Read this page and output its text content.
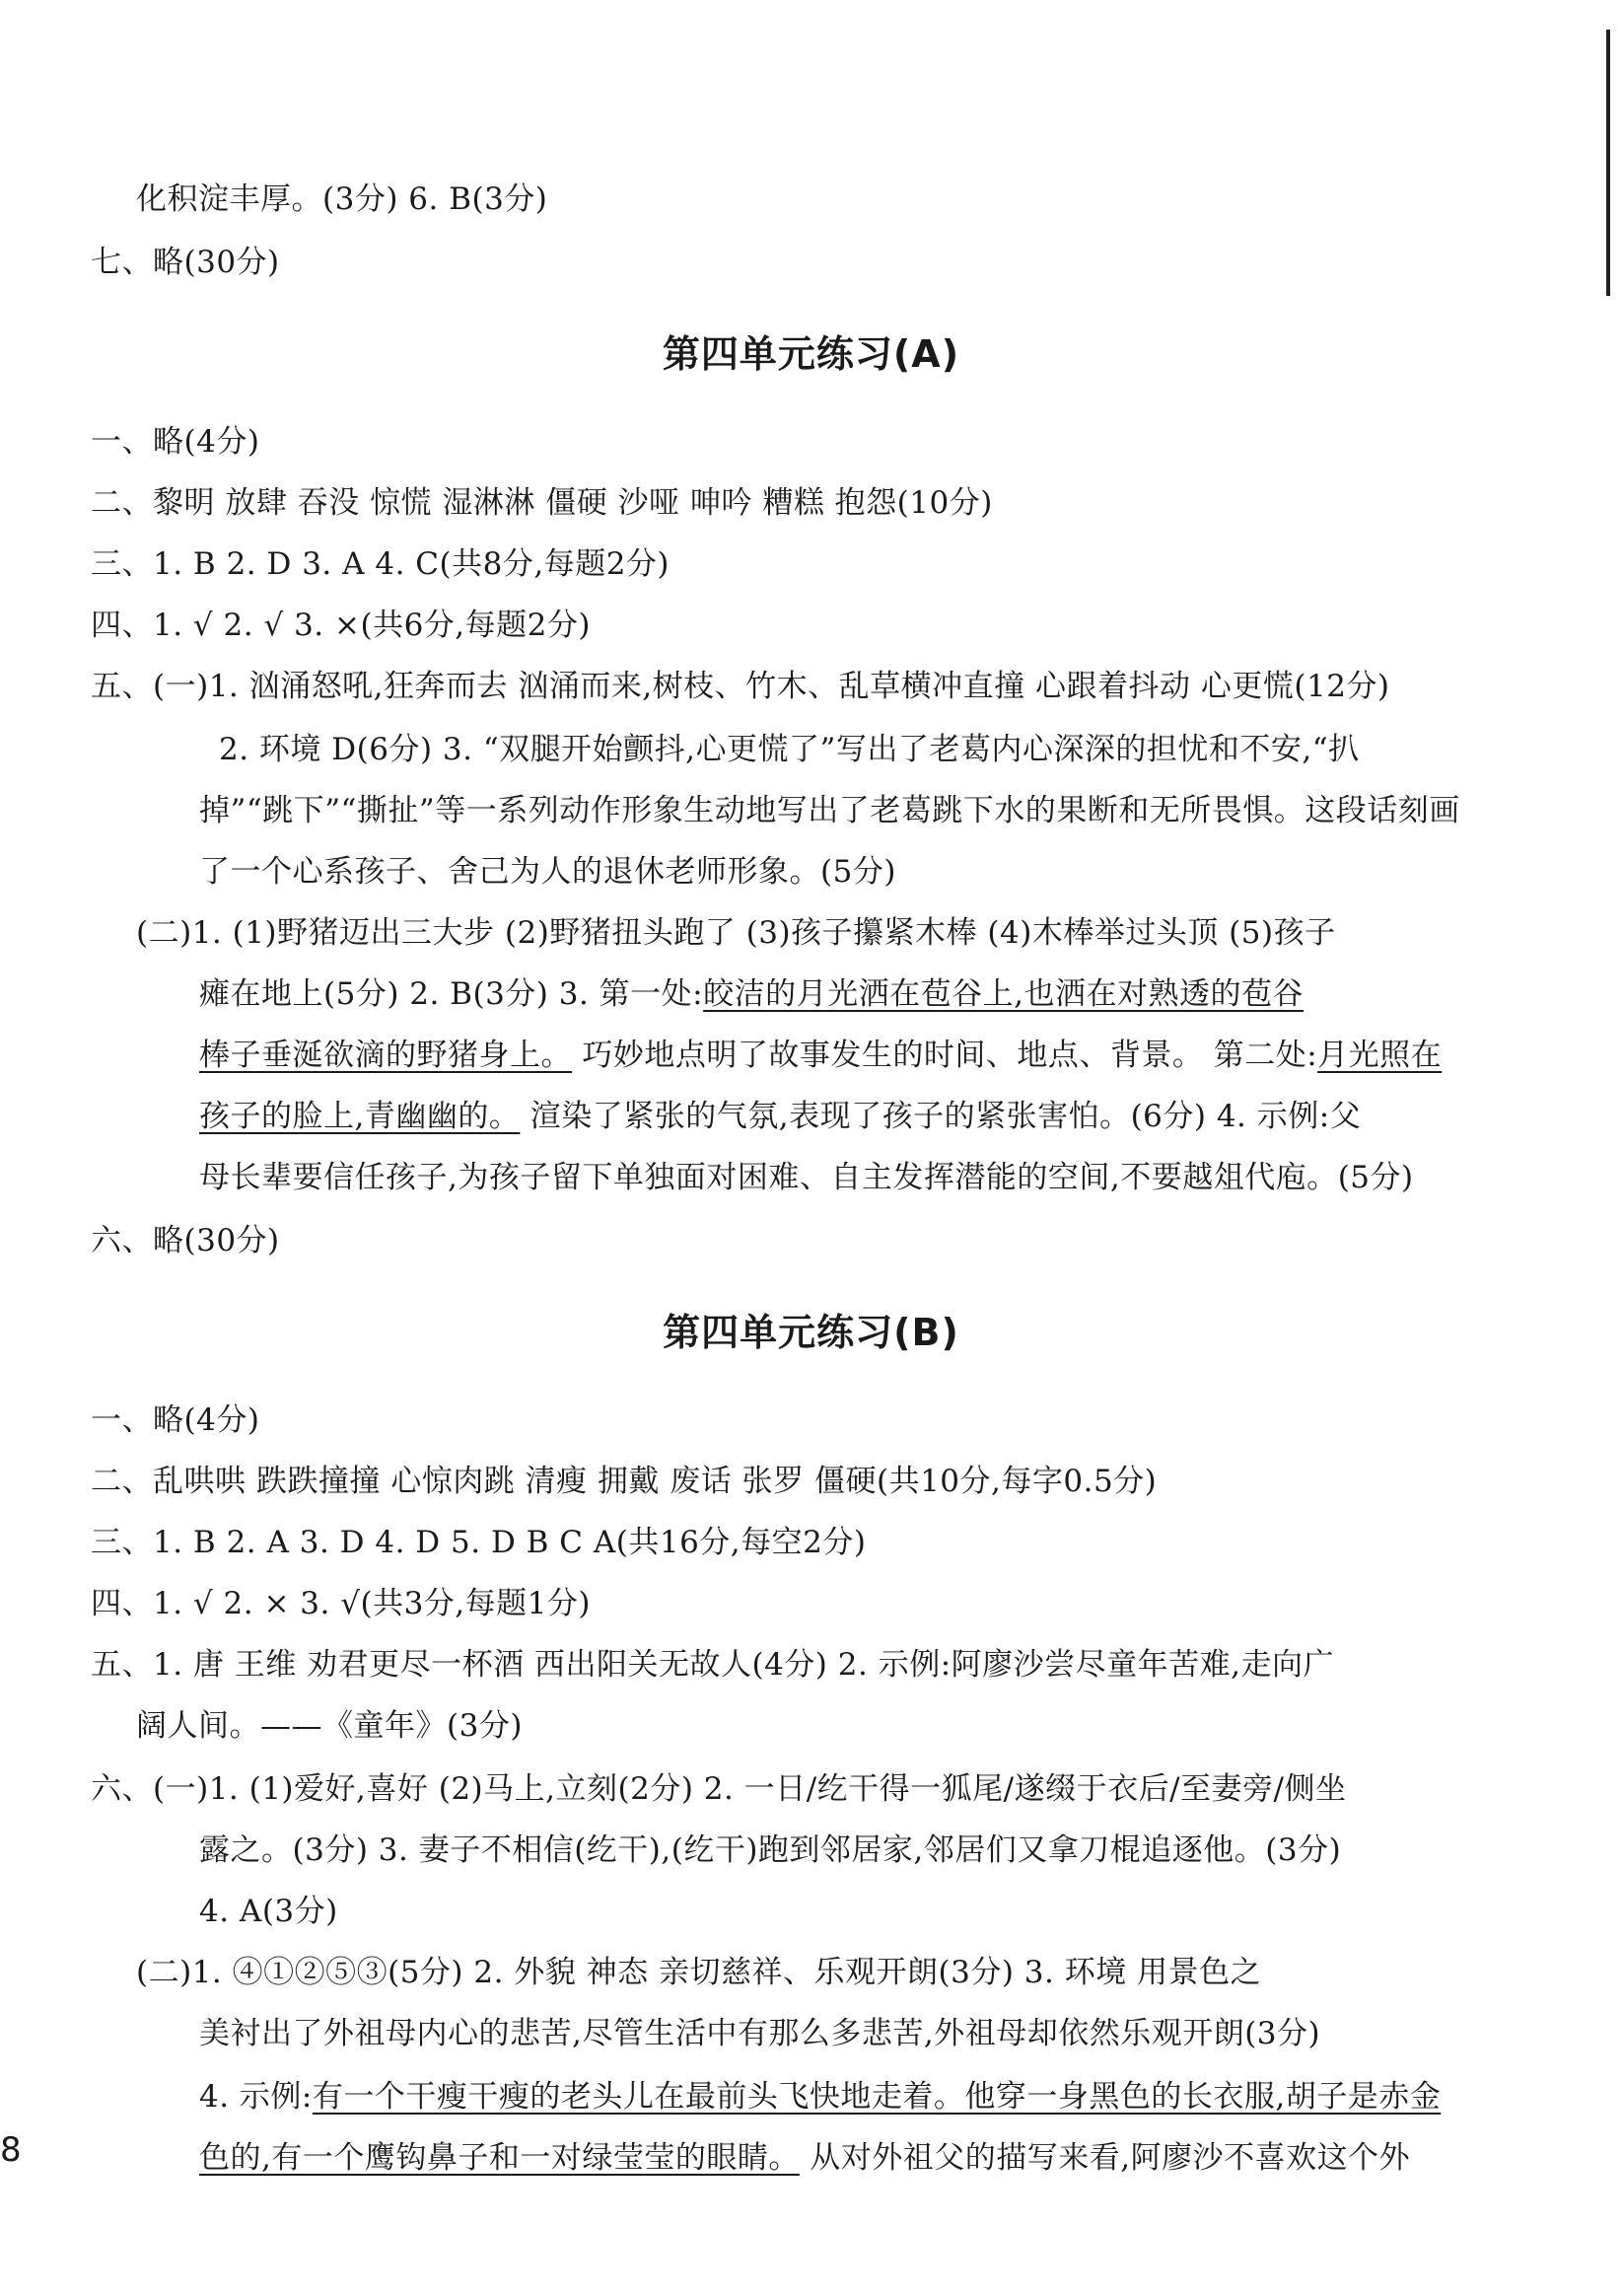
化积淀丰厚。(3分) 6. B(3分)
七、略(30分)
第四单元练习(A)
一、略(4分)
二、黎明 放肆 吞没 惊慌 湿淋淋 僵硬 沙哑 呻吟 糟糕 抱怨(10分)
三、1. B 2. D 3. A 4. C(共8分,每题2分)
四、1. √ 2. √ 3. ×(共6分,每题2分)
五、(一)1. 汹涌怒吼,狂奔而去 汹涌而来,树枝、竹木、乱草横冲直撞 心跟着抖动 心更慌(12分)
2. 环境 D(6分) 3. “双腿开始颤抖,心更慌了”写出了老葛内心深深的担忧和不安,“扒
掉”“跳下”“撕扯”等一系列动作形象生动地写出了老葛跳下水的果断和无所畏惧。这段话刻画
了一个心系孩子、舍己为人的退休老师形象。(5分)
(二)1. (1)野猪迈出三大步 (2)野猪扭头跑了 (3)孩子攥紧木棒 (4)木棒举过头顶 (5)孩子
瘫在地上(5分) 2. B(3分) 3. 第一处:皎洁的月光洒在苞谷上,也洒在对熟透的苞谷
棒子垂涎欲滴的野猪身上。 巧妙地点明了故事发生的时间、地点、背景。 第二处:月光照在
孩子的脸上,青幽幽的。 渲染了紧张的气氛,表现了孩子的紧张害怕。(6分) 4. 示例:父
母长辈要信任孩子,为孩子留下单独面对困难、自主发挥潜能的空间,不要越俎代庖。(5分)
六、略(30分)
第四单元练习(B)
一、略(4分)
二、乱哄哄 跌跌撞撞 心惊肉跳 清瘦 拥戴 废话 张罗 僵硬(共10分,每字0.5分)
三、1. B 2. A 3. D 4. D 5. D B C A(共16分,每空2分)
四、1. √ 2. × 3. √(共3分,每题1分)
五、1. 唐 王维 劝君更尽一杯酒 西出阳关无故人(4分) 2. 示例:阿廖沙尝尽童年苦难,走向广
阔人间。——《童年》(3分)
六、(一)1. (1)爱好,喜好 (2)马上,立刻(2分) 2. 一日/纥干得一狐尾/遂缀于衣后/至妻旁/侧坐
露之。(3分) 3. 妻子不相信(纥干),(纥干)跑到邻居家,邻居们又拿刀棍追逐他。(3分)
4. A(3分)
(二)1. ④①②⑤③(5分) 2. 外貌 神态 亲切慈祥、乐观开朗(3分) 3. 环境 用景色之
美衬出了外祖母内心的悲苦,尽管生活中有那么多悲苦,外祖母却依然乐观开朗(3分)
4. 示例:有一个干瘦干瘦的老头儿在最前头飞快地走着。他穿一身黑色的长衣服,胡子是赤金
色的,有一个鹰钩鼻子和一对绿莹莹的眼睛。 从对外祖父的描写来看,阿廖沙不喜欢这个外
8
